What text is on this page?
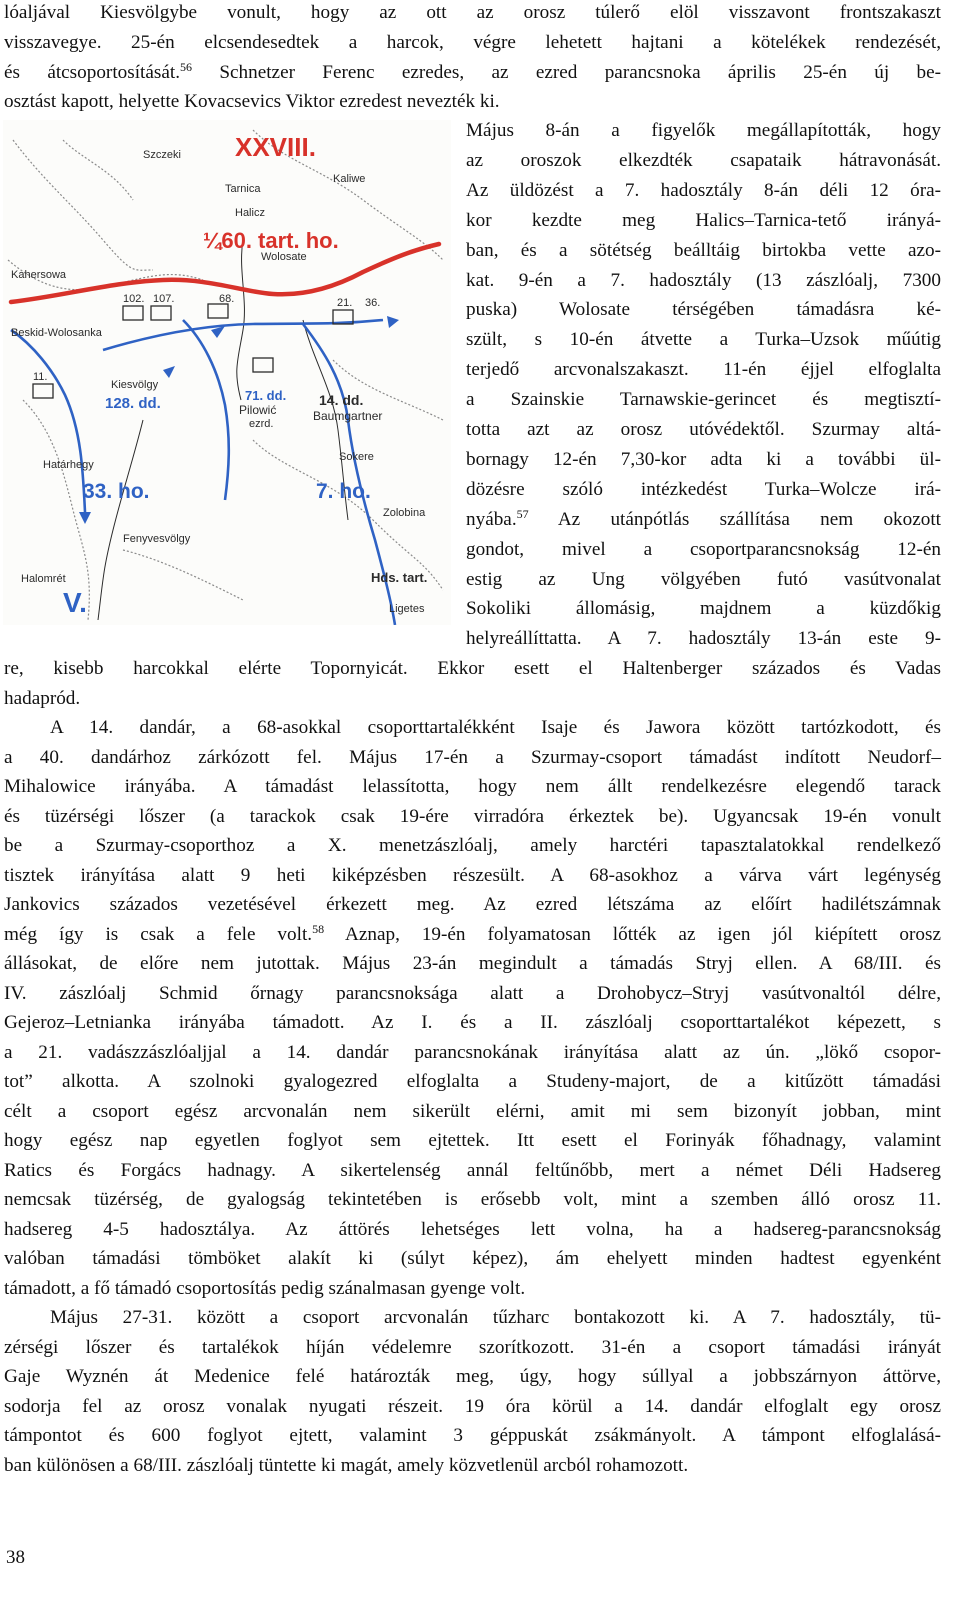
lóaljával Kiesvölgybe vonult, hogy az ott az orosz túlerő elöl visszavont frontszakaszt
visszavegye. 25-én elcsendesedtek a harcok, végre lehetett hajtani a kötelékek rendezését,
és átcsoportosítását.$^{56}$ Schnetzer Ferenc ezredes, az ezred parancsnoka április 25-én új be-
osztást kapott, helyette Kovacsevics Viktor ezredest nevezték ki.
XXVIII.
¼60. tart. ho.
33. ho.	7. ho.
128. dd.	71. dd. 14. dd.
V.
Hds. tart.
Wolosate
Tarnica
Halicz
Szczeki
Kaliwe
Kahersowa
Beskid-Wolosanka
Kiesvölgy
Pilowić
ezrd.
Baumgartner
Határhegy
Fenyvesvölgy
Halomrét
Ligetes
Zolobina
Sokere
68.
102. 107.
11.
36.
21.
Május 8-án a figyelők megállapították, hogy
az oroszok elkezdték csapataik hátravonását.
Az üldözést a 7. hadosztály 8-án déli 12 óra-
kor kezdte meg Halics–Tarnica-tető irányá-
ban, és a sötétség beálltáig birtokba vette azo-
kat. 9-én a 7. hadosztály (13 zászlóalj, 7300
puska) Wolosate térségében támadásra ké-
szült, s 10-én átvette a Turka–Uzsok műútig
terjedő arcvonalszakaszt. 11-én éjjel elfoglalta
a Szainskie Tarnawskie-gerincet és megtisztí-
totta azt az orosz utóvédektől. Szurmay altá-
bornagy 12-én 7,30-kor adta ki a további ül-
dözésre szóló intézkedést Turka–Wolcze irá-
nyába.$^{57}$ Az utánpótlás szállítása nem okozott
gondot, mivel a csoportparancsnokság 12-én
estig az Ung völgyében futó vasútvonalat
Sokoliki állomásig, majdnem a küzdőkig
helyreállíttatta. A 7. hadosztály 13-án este 9-
re, kisebb harcokkal elérte Topornyicát. Ekkor esett el Haltenberger százados és Vadas
hadapród.
A 14. dandár, a 68-asokkal csoporttartalékként Isaje és Jawora között tartózkodott, és
a 40. dandárhoz zárkózott fel. Május 17-én a Szurmay-csoport támadást indított Neudorf–
Mihalowice irányába. A támadást lelassította, hogy nem állt rendelkezésre elegendő tarack
és tüzérségi lőszer (a tarackok csak 19-ére virradóra érkeztek be). Ugyancsak 19-én vonult
be a Szurmay-csoporthoz a X. menetzászlóalj, amely harctéri tapasztalatokkal rendelkező
tisztek irányítása alatt 9 heti kiképzésben részesült. A 68-asokhoz a várva várt legénység
Jankovics százados vezetésével érkezett meg. Az ezred létszáma az előírt hadilétszámnak
még így is csak a fele volt.$^{58}$ Aznap, 19-én folyamatosan lőtték az igen jól kiépített orosz
állásokat, de előre nem jutottak. Május 23-án megindult a támadás Stryj ellen. A 68/III. és
IV. zászlóalj Schmid őrnagy parancsnoksága alatt a Drohobycz–Stryj vasútvonaltól délre,
Gejeroz–Letnianka irányába támadott. Az I. és a II. zászlóalj csoporttartalékot képezett, s
a 21. vadászzászlóaljjal a 14. dandár parancsnokának irányítása alatt az ún. „lökő csopor-
tot” alkotta. A szolnoki gyalogezred elfoglalta a Studeny-majort, de a kitűzött támadási
célt a csoport egész arcvonalán nem sikerült elérni, amit mi sem bizonyít jobban, mint
hogy egész nap egyetlen foglyot sem ejtettek. Itt esett el Forinyák főhadnagy, valamint
Ratics és Forgács hadnagy. A sikertelenség annál feltűnőbb, mert a német Déli Hadsereg
nemcsak tüzérség, de gyalogság tekintetében is erősebb volt, mint a szemben álló orosz 11.
hadsereg 4-5 hadosztálya. Az áttörés lehetséges lett volna, ha a hadsereg-parancsnokság
valóban támadási tömböket alakít ki (súlyt képez), ám ehelyett minden hadtest egyenként
támadott, a fő támadó csoportosítás pedig szánalmasan gyenge volt.
Május 27-31. között a csoport arcvonalán tűzharc bontakozott ki. A 7. hadosztály, tü-
zérségi lőszer és tartalékok híján védelemre szorítkozott. 31-én a csoport támadási irányát
Gaje Wyznén át Medenice felé határozták meg, úgy, hogy súllyal a jobbszárnyon áttörve,
sodorja fel az orosz vonalak nyugati részeit. 19 óra körül a 14. dandár elfoglalt egy orosz
támpontot és 600 foglyot ejtett, valamint 3 géppuskát zsákmányolt. A támpont elfoglalásá-
ban különösen a 68/III. zászlóalj tüntette ki magát, amely közvetlenül arcból rohamozott.
38
